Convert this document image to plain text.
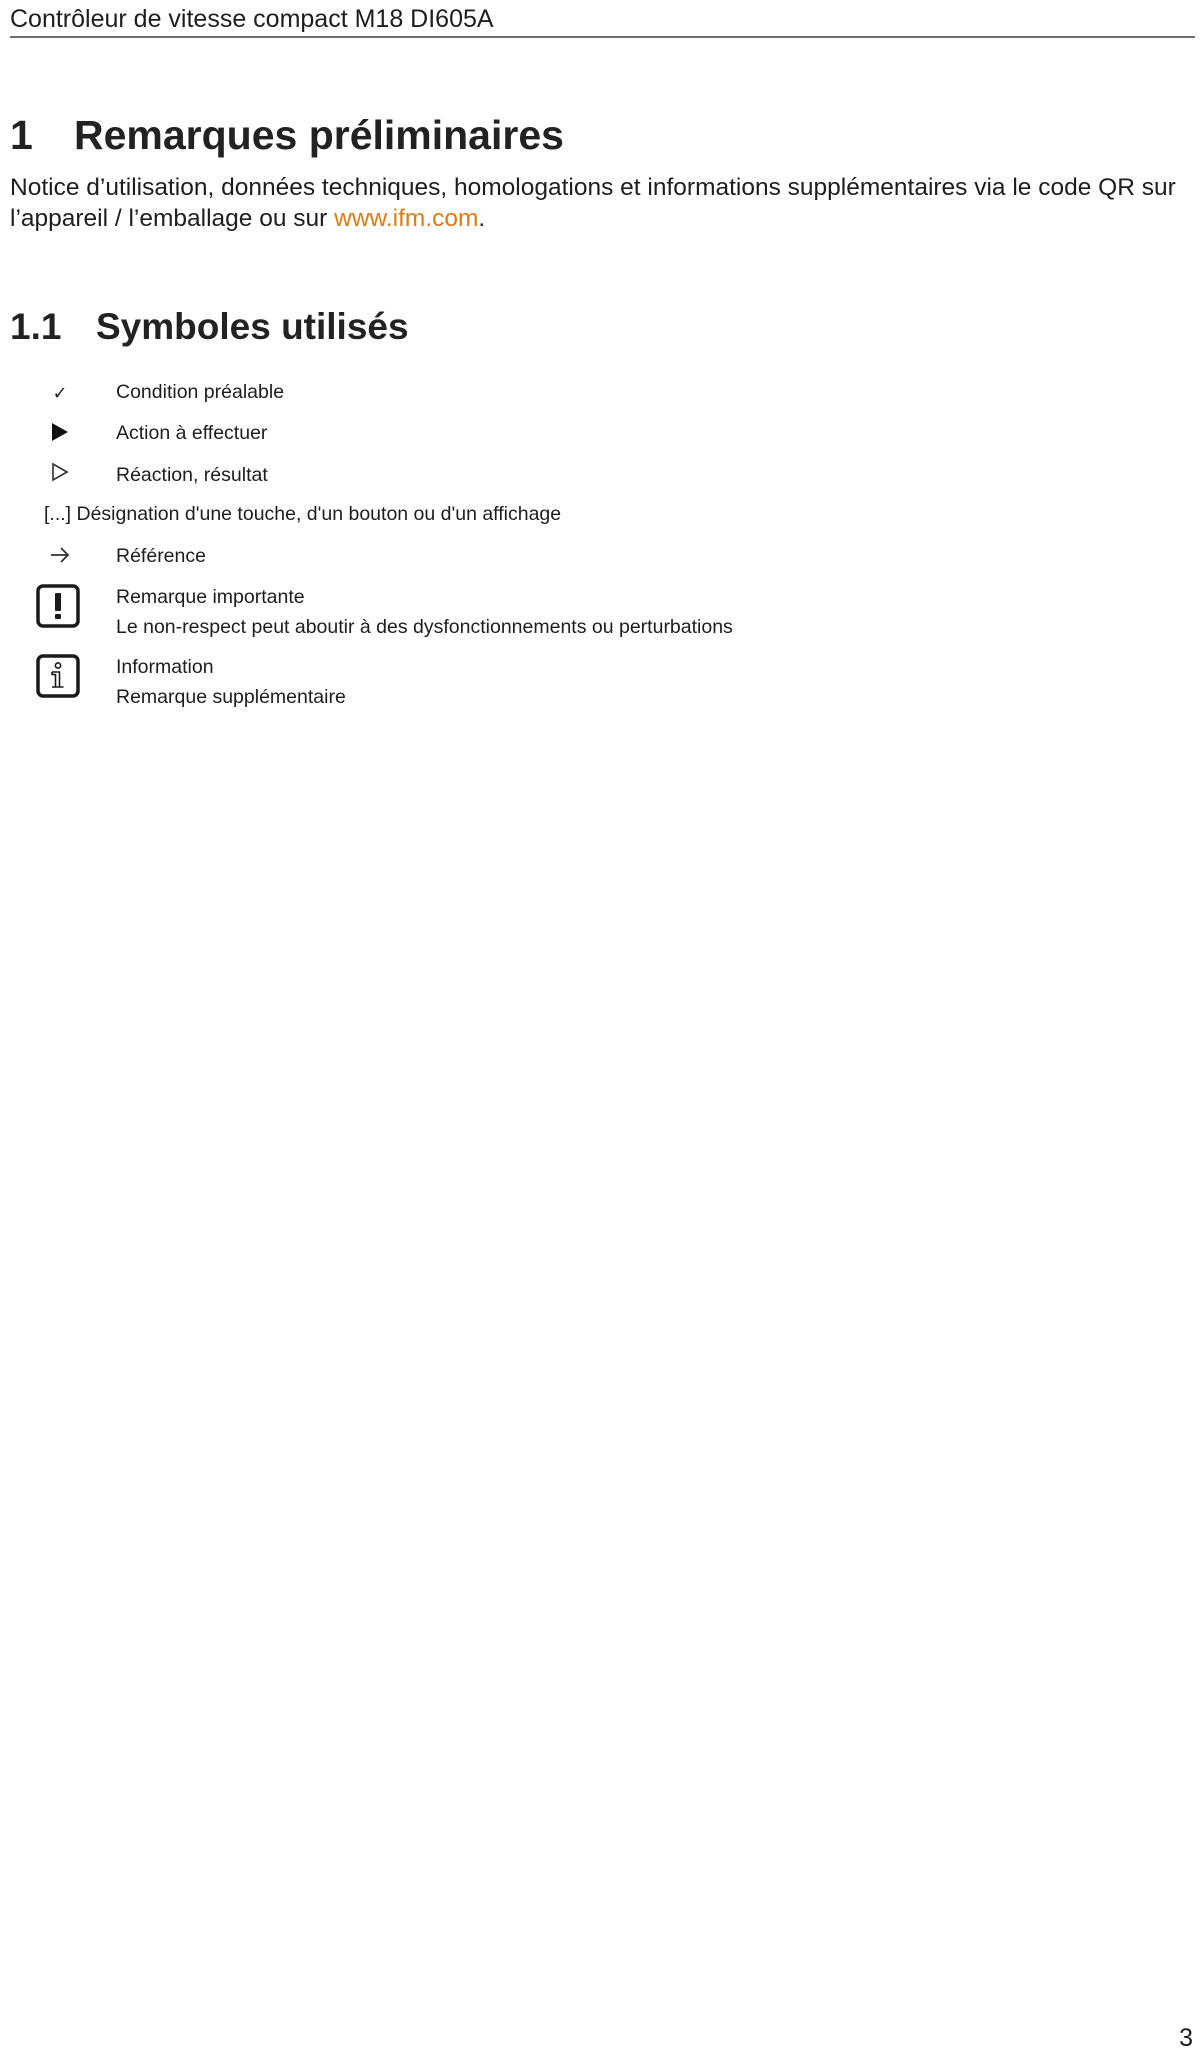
Contrôleur de vitesse compact M18 DI605A
1 Remarques préliminaires

Notice d’utilisation, données techniques, homologations et informations supplémentaires via le code QR sur l’appareil / l’emballage ou sur www.ifm.com.

1.1 Symboles utilisés
✓	Condition préalable
Action à effectuer
Réaction, résultat
[...] Désignation d'une touche, d'un bouton ou d'un affichage
Référence
Remarque importante
Le non-respect peut aboutir à des dysfonctionnements ou perturbations
Information
Remarque supplémentaire
3
